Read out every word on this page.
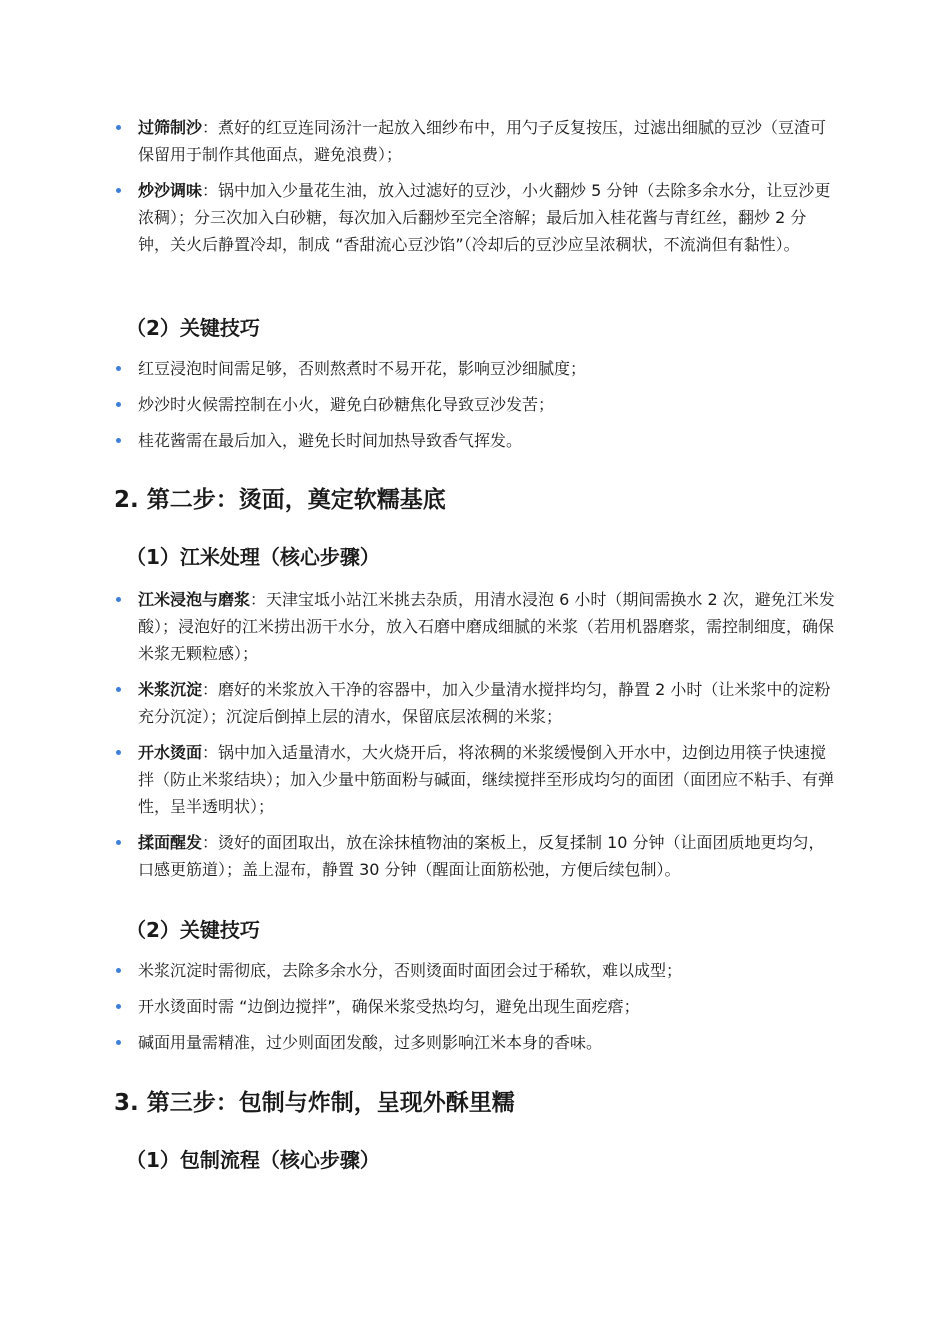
过筛制沙：煮好的红豆连同汤汁一起放入细纱布中，用勺子反复按压，过滤出细腻的豆沙（豆渣可保留用于制作其他面点，避免浪费）；
炒沙调味：锅中加入少量花生油，放入过滤好的豆沙，小火翻炒 5 分钟（去除多余水分，让豆沙更浓稠）；分三次加入白砂糖，每次加入后翻炒至完全溶解；最后加入桂花酱与青红丝，翻炒 2 分钟，关火后静置冷却，制成 “香甜流心豆沙馅”（冷却后的豆沙应呈浓稠状，不流淌但有黏性）。
（2）关键技巧
红豆浸泡时间需足够，否则熬煮时不易开花，影响豆沙细腻度；
炒沙时火候需控制在小火，避免白砂糖焦化导致豆沙发苦；
桂花酱需在最后加入，避免长时间加热导致香气挥发。
2. 第二步：烫面，奠定软糯基底
（1）江米处理（核心步骤）
江米浸泡与磨浆：天津宝坻小站江米挑去杂质，用清水浸泡 6 小时（期间需换水 2 次，避免江米发酸）；浸泡好的江米捞出沥干水分，放入石磨中磨成细腻的米浆（若用机器磨浆，需控制细度，确保米浆无颗粒感）；
米浆沉淀：磨好的米浆放入干净的容器中，加入少量清水搅拌均匀，静置 2 小时（让米浆中的淀粉充分沉淀）；沉淀后倒掉上层的清水，保留底层浓稠的米浆；
开水烫面：锅中加入适量清水，大火烧开后，将浓稠的米浆缓慢倒入开水中，边倒边用筷子快速搅拌（防止米浆结块）；加入少量中筋面粉与碱面，继续搅拌至形成均匀的面团（面团应不粘手、有弹性，呈半透明状）；
揉面醒发：烫好的面团取出，放在涂抹植物油的案板上，反复揉制 10 分钟（让面团质地更均匀，口感更筋道）；盖上湿布，静置 30 分钟（醒面让面筋松弛，方便后续包制）。
（2）关键技巧
米浆沉淀时需彻底，去除多余水分，否则烫面时面团会过于稀软，难以成型；
开水烫面时需 “边倒边搅拌”，确保米浆受热均匀，避免出现生面疙瘩；
碱面用量需精准，过少则面团发酸，过多则影响江米本身的香味。
3. 第三步：包制与炸制，呈现外酥里糯
（1）包制流程（核心步骤）
